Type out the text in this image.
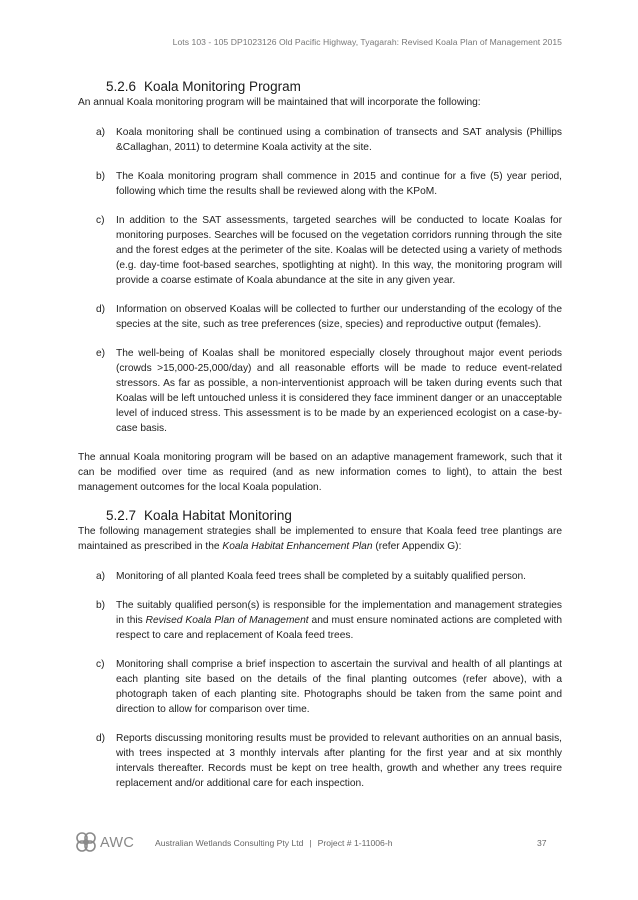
Lots 103 - 105 DP1023126 Old Pacific Highway, Tyagarah: Revised Koala Plan of Management 2015
5.2.6 Koala Monitoring Program

An annual Koala monitoring program will be maintained that will incorporate the following:

a) Koala monitoring shall be continued using a combination of transects and SAT analysis (Phillips &Callaghan, 2011) to determine Koala activity at the site.
b) The Koala monitoring program shall commence in 2015 and continue for a five (5) year period, following which time the results shall be reviewed along with the KPoM.
c) In addition to the SAT assessments, targeted searches will be conducted to locate Koalas for monitoring purposes. Searches will be focused on the vegetation corridors running through the site and the forest edges at the perimeter of the site. Koalas will be detected using a variety of methods (e.g. day-time foot-based searches, spotlighting at night). In this way, the monitoring program will provide a coarse estimate of Koala abundance at the site in any given year.
d) Information on observed Koalas will be collected to further our understanding of the ecology of the species at the site, such as tree preferences (size, species) and reproductive output (females).
e) The well-being of Koalas shall be monitored especially closely throughout major event periods (crowds >15,000-25,000/day) and all reasonable efforts will be made to reduce event-related stressors. As far as possible, a non-interventionist approach will be taken during events such that Koalas will be left untouched unless it is considered they face imminent danger or an unacceptable level of induced stress. This assessment is to be made by an experienced ecologist on a case-by-case basis.

The annual Koala monitoring program will be based on an adaptive management framework, such that it can be modified over time as required (and as new information comes to light), to attain the best management outcomes for the local Koala population.

5.2.7 Koala Habitat Monitoring

The following management strategies shall be implemented to ensure that Koala feed tree plantings are maintained as prescribed in the Koala Habitat Enhancement Plan (refer Appendix G):

a) Monitoring of all planted Koala feed trees shall be completed by a suitably qualified person.
b) The suitably qualified person(s) is responsible for the implementation and management strategies in this Revised Koala Plan of Management and must ensure nominated actions are completed with respect to care and replacement of Koala feed trees.
c) Monitoring shall comprise a brief inspection to ascertain the survival and health of all plantings at each planting site based on the details of the final planting outcomes (refer above), with a photograph taken of each planting site. Photographs should be taken from the same point and direction to allow for comparison over time.
d) Reports discussing monitoring results must be provided to relevant authorities on an annual basis, with trees inspected at 3 monthly intervals after planting for the first year and at six monthly intervals thereafter. Records must be kept on tree health, growth and whether any trees require replacement and/or additional care for each inspection.
AWC Australian Wetlands Consulting Pty Ltd | Project # 1-11006-h	37
